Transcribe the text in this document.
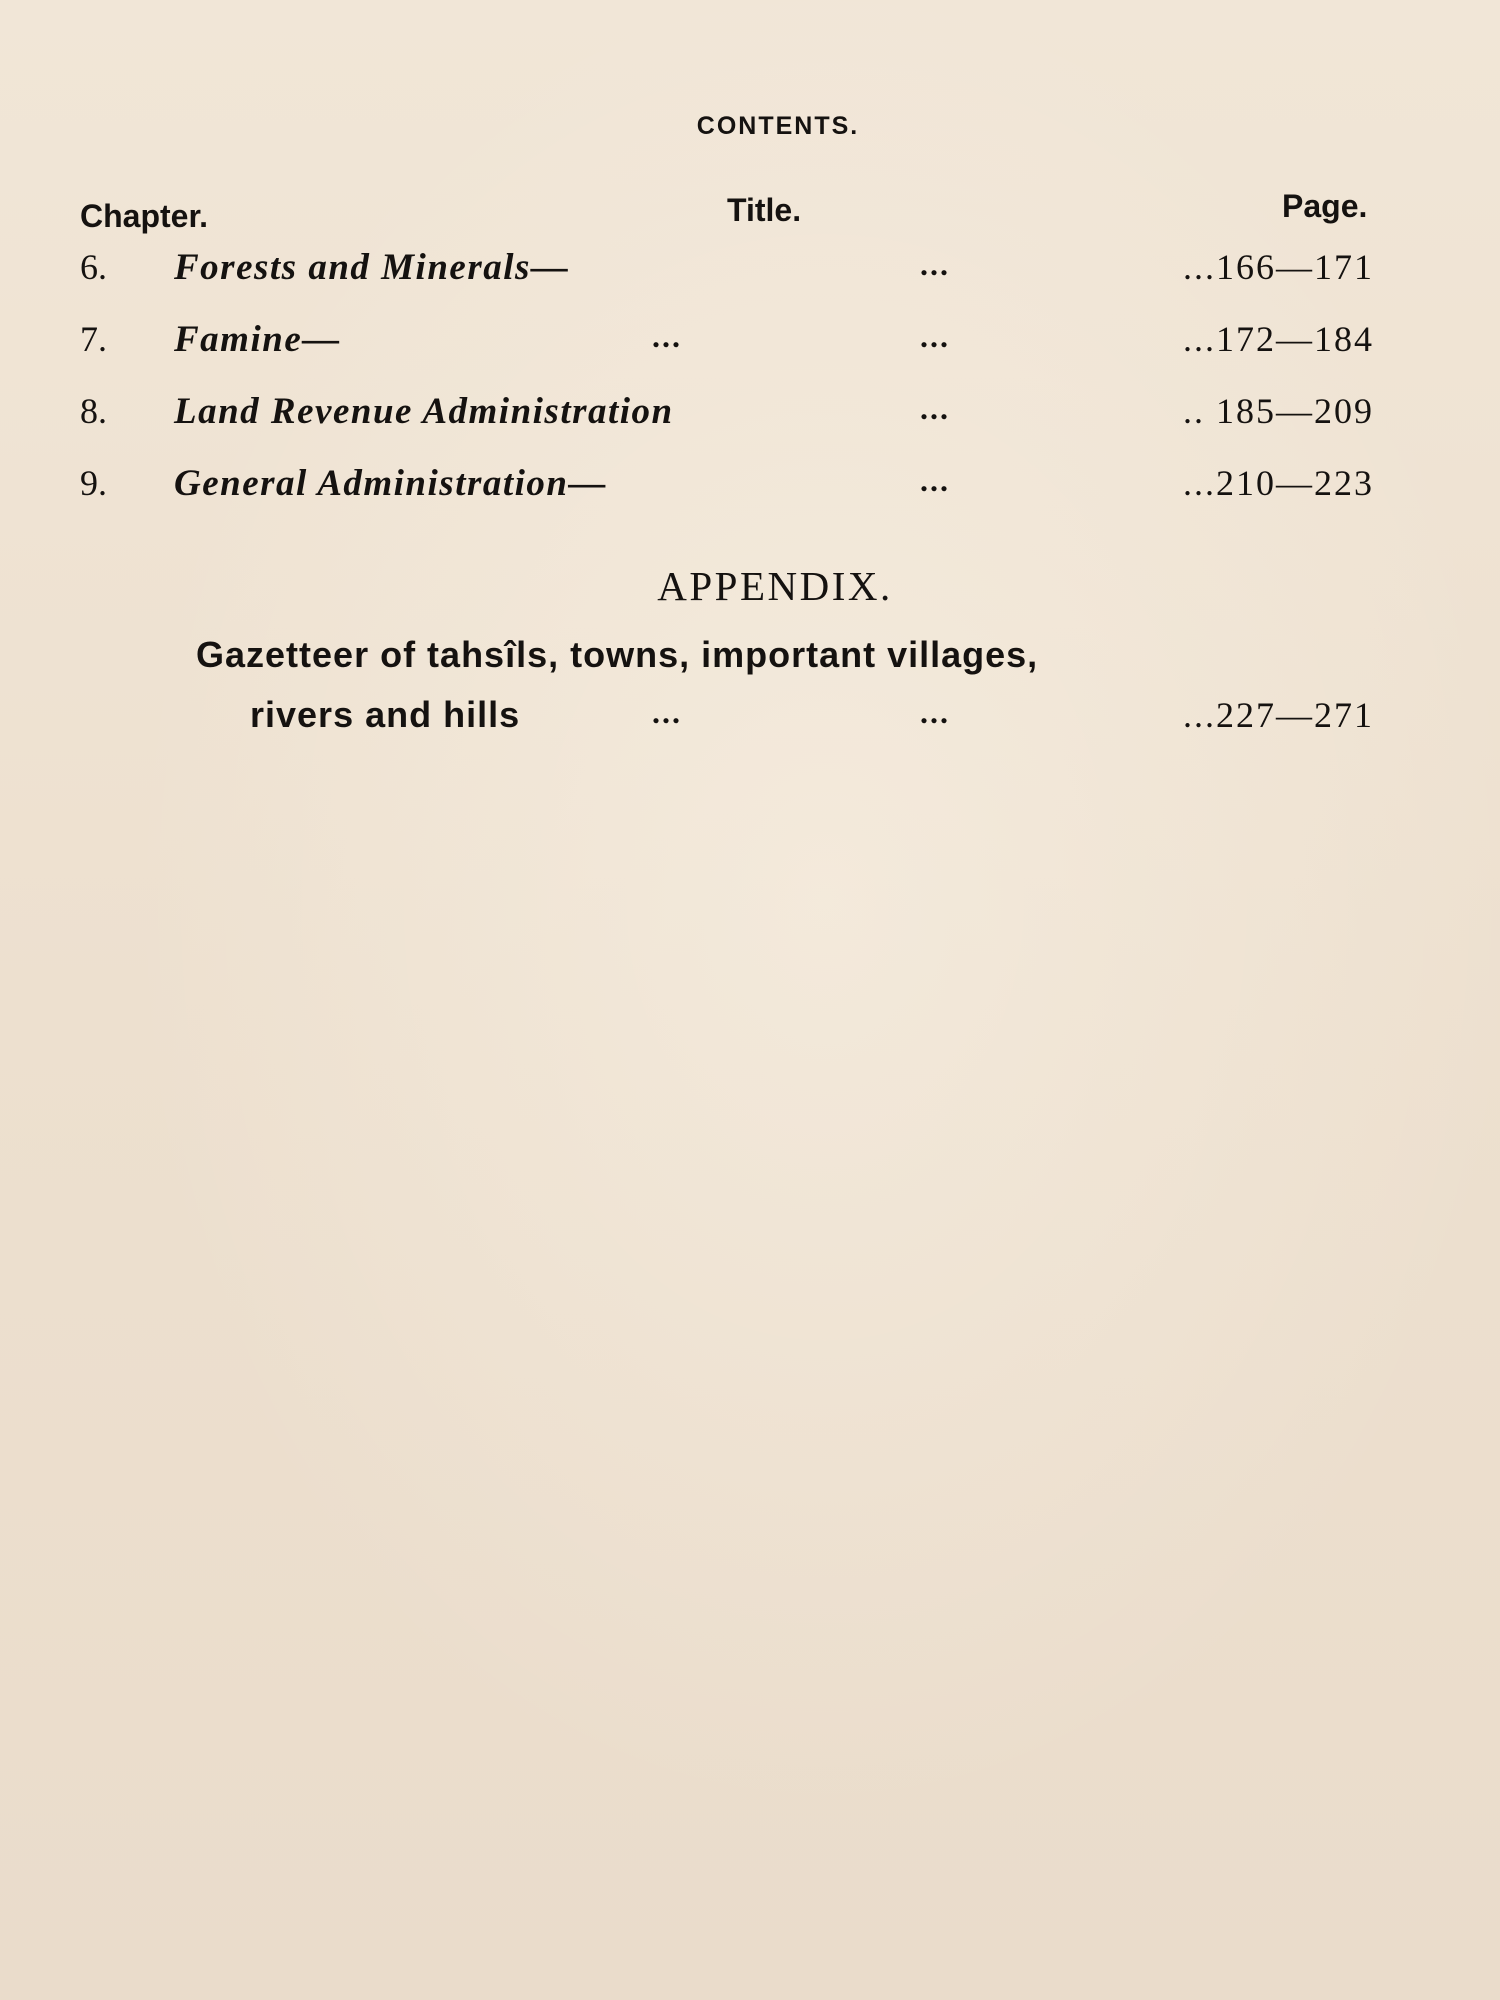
CONTENTS.
Chapter.	Title.	Page.
6. Forests and Minerals—	...	...166—171
7. Famine—	...	...	...172—184
8. Land Revenue Administration	...	.. 185—209
9. General Administration—	...	...210—223
APPENDIX.
Gazetteer of tahsîls, towns, important villages,
rivers and hills	...	...	...227—271
